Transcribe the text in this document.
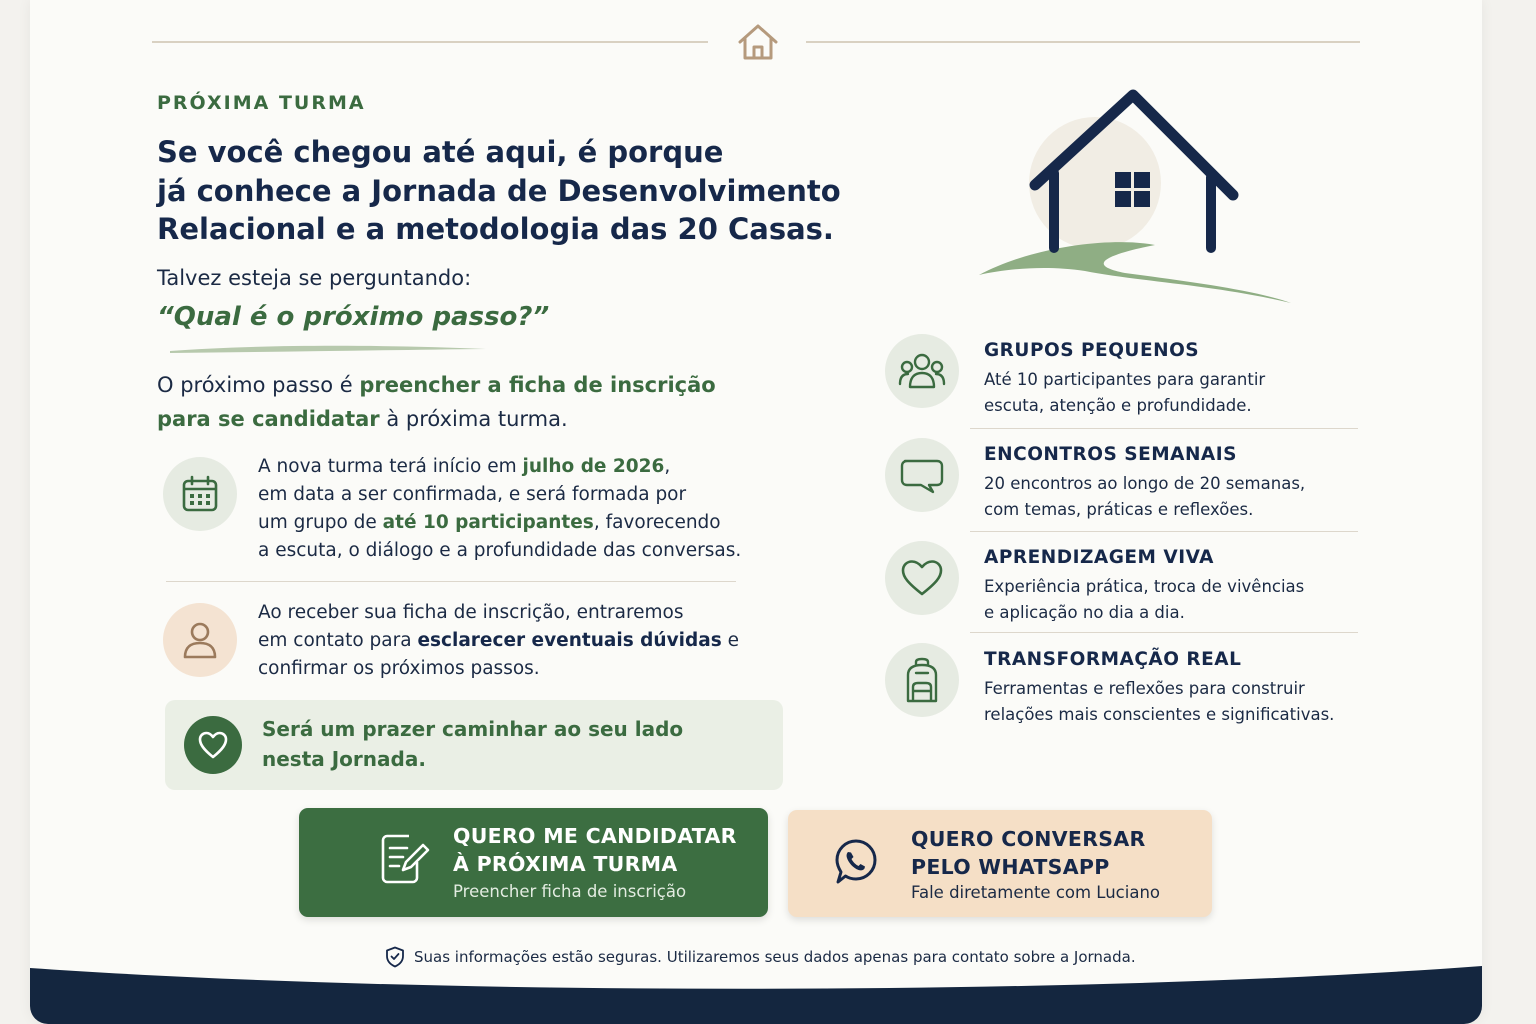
PRÓXIMA TURMA
Se você chegou até aqui, é porque
já conhece a Jornada de Desenvolvimento
Relacional e a metodologia das 20 Casas.
Talvez esteja se perguntando:
“Qual é o próximo passo?”

O próximo passo é preencher a ficha de inscrição
para se candidatar à próxima turma.

A nova turma terá início em julho de 2026,
em data a ser confirmada, e será formada por
um grupo de até 10 participantes, favorecendo
a escuta, o diálogo e a profundidade das conversas.
Ao receber sua ficha de inscrição, entraremos
em contato para esclarecer eventuais dúvidas e
confirmar os próximos passos.
Será um prazer caminhar ao seu lado
nesta Jornada.
GRUPOS PEQUENOS
Até 10 participantes para garantir
escuta, atenção e profundidade.
ENCONTROS SEMANAIS
20 encontros ao longo de 20 semanas,
com temas, práticas e reflexões.
APRENDIZAGEM VIVA
Experiência prática, troca de vivências
e aplicação no dia a dia.
TRANSFORMAÇÃO REAL
Ferramentas e reflexões para construir
relações mais conscientes e significativas.
QUERO ME CANDIDATAR
À PRÓXIMA TURMA
Preencher ficha de inscrição
QUERO CONVERSAR
PELO WHATSAPP
Fale diretamente com Luciano
Suas informações estão seguras. Utilizaremos seus dados apenas para contato sobre a Jornada.
